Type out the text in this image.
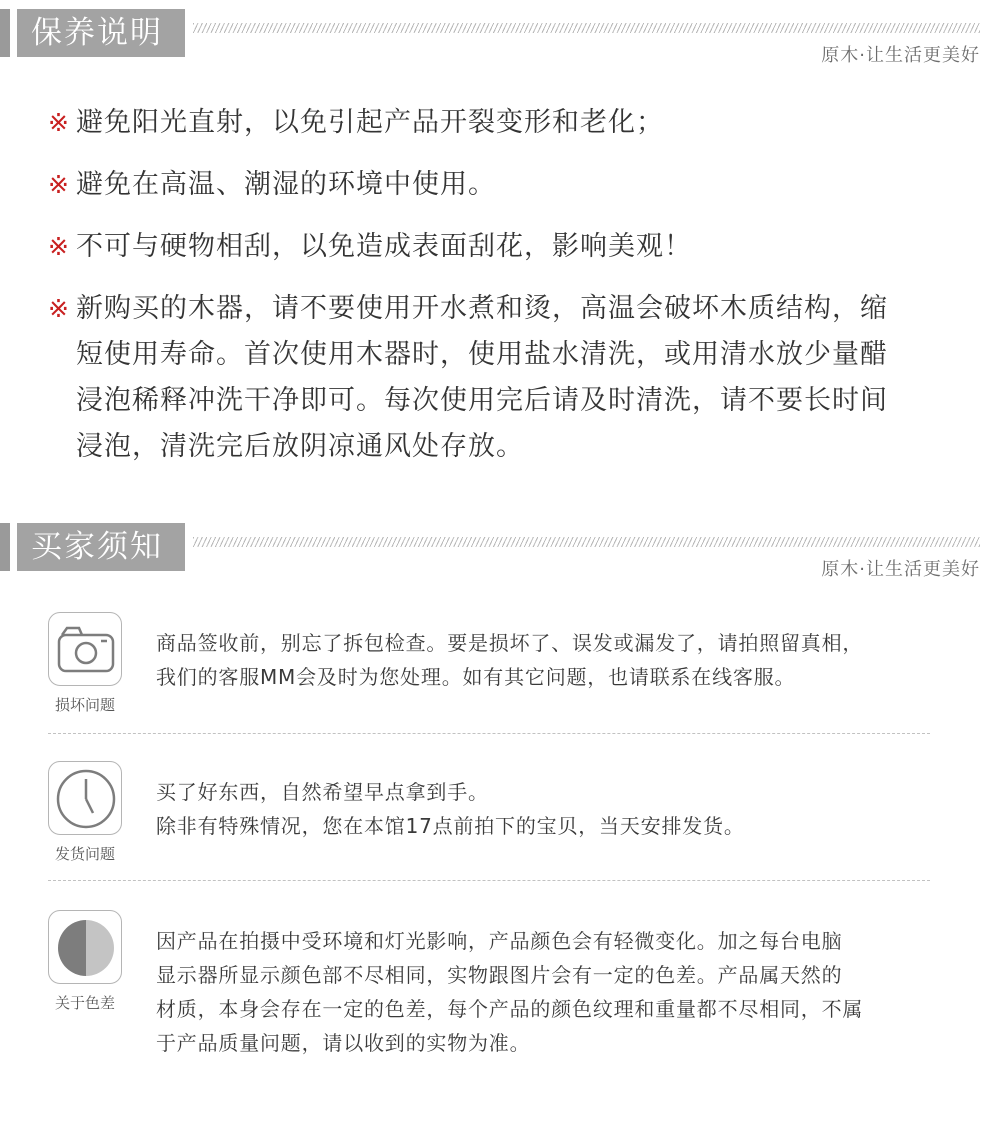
保养说明
原木·让生活更美好
※ 避免阳光直射，以免引起产品开裂变形和老化；
※ 避免在高温、潮湿的环境中使用。
※ 不可与硬物相刮，以免造成表面刮花，影响美观！
※ 新购买的木器，请不要使用开水煮和烫，高温会破坏木质结构，缩
短使用寿命。首次使用木器时，使用盐水清洗，或用清水放少量醋
浸泡稀释冲洗干净即可。每次使用完后请及时清洗，请不要长时间
浸泡，清洗完后放阴凉通风处存放。
买家须知
原木·让生活更美好
损坏问题
商品签收前，别忘了拆包检查。要是损坏了、误发或漏发了，请拍照留真相，
我们的客服MM会及时为您处理。如有其它问题，也请联系在线客服。
发货问题
买了好东西，自然希望早点拿到手。
除非有特殊情况，您在本馆17点前拍下的宝贝，当天安排发货。
关于色差
因产品在拍摄中受环境和灯光影响，产品颜色会有轻微变化。加之每台电脑
显示器所显示颜色部不尽相同，实物跟图片会有一定的色差。产品属天然的
材质，本身会存在一定的色差，每个产品的颜色纹理和重量都不尽相同，不属
于产品质量问题，请以收到的实物为准。
